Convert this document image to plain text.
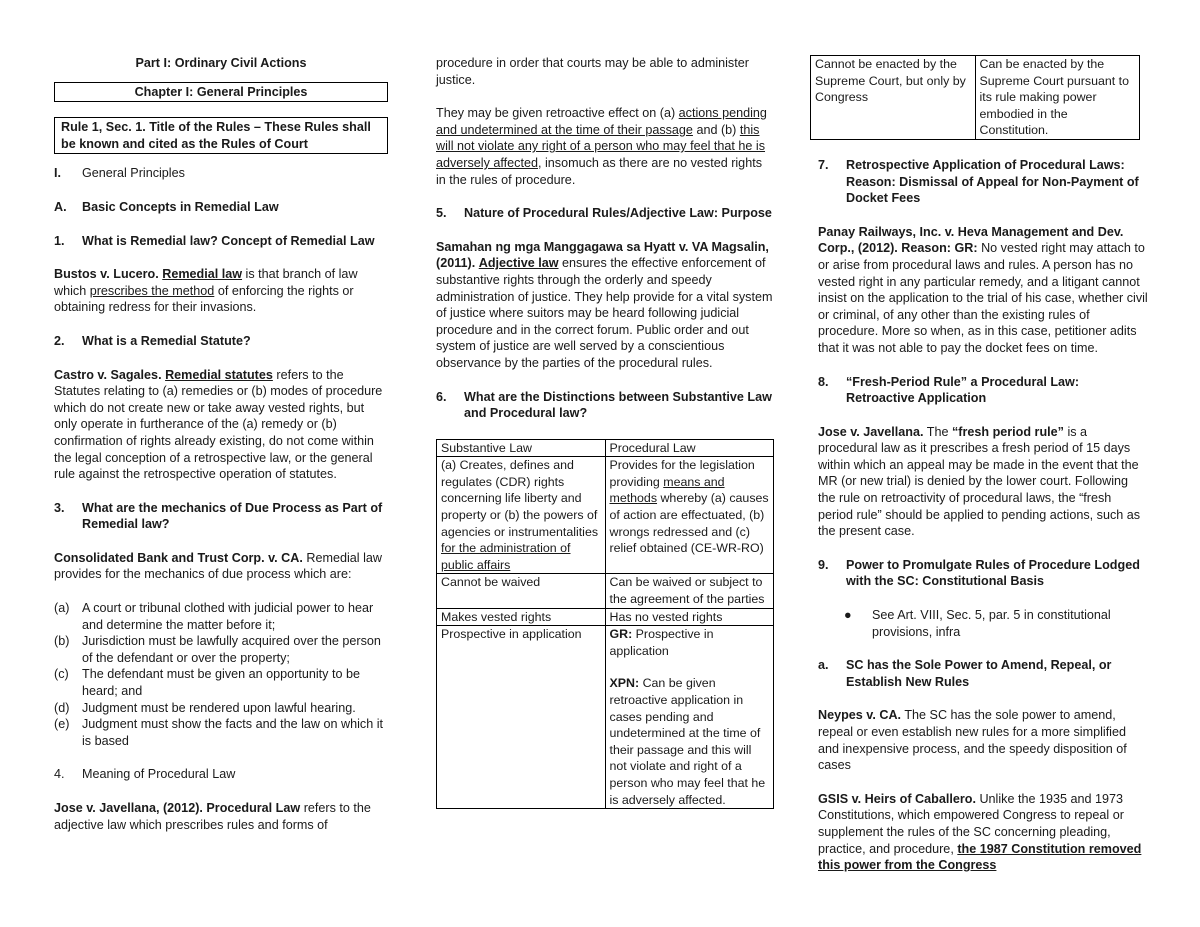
Part I: Ordinary Civil Actions

Chapter I: General Principles
Rule 1, Sec. 1. Title of the Rules – These Rules shall be known and cited as the Rules of Court
I.	General Principles
A.	Basic Concepts in Remedial Law
1.	What is Remedial law? Concept of Remedial Law

Bustos v. Lucero. Remedial law is that branch of law which prescribes the method of enforcing the rights or obtaining redress for their invasions.

2.	What is a Remedial Statute?

Castro v. Sagales. Remedial statutes refers to the Statutes relating to (a) remedies or (b) modes of procedure which do not create new or take away vested rights, but only operate in furtherance of the (a) remedy or (b) confirmation of rights already existing, do not come within the legal conception of a retrospective law, or the general rule against the retrospective operation of statutes.

3.	What are the mechanics of Due Process as Part of Remedial law?

Consolidated Bank and Trust Corp. v. CA. Remedial law provides for the mechanics of due process which are:

(a) A court or tribunal clothed with judicial power to hear and determine the matter before it;
(b) Jurisdiction must be lawfully acquired over the person of the defendant or over the property;
(c)	The defendant must be given an opportunity to be heard; and
(d) Judgment must be rendered upon lawful hearing.
(e) Judgment must show the facts and the law on which it is based
4.	Meaning of Procedural Law

Jose v. Javellana, (2012). Procedural Law refers to the adjective law which prescribes rules and forms of

procedure in order that courts may be able to administer justice.

They may be given retroactive effect on (a) actions pending and undetermined at the time of their passage and (b) this will not violate any right of a person who may feel that he is adversely affected, insomuch as there are no vested rights in the rules of procedure.

5.	Nature of Procedural Rules/Adjective Law: Purpose

Samahan ng mga Manggagawa sa Hyatt v. VA Magsalin, (2011). Adjective law ensures the effective enforcement of substantive rights through the orderly and speedy administration of justice. They help provide for a vital system of justice where suitors may be heard following judicial procedure and in the correct forum. Public order and out system of justice are well served by a conscientious observance by the parties of the procedural rules.

6.	What are the Distinctions between Substantive Law and Procedural law?
Substantive Law	Procedural Law
(a) Creates, defines and regulates (CDR) rights concerning life liberty and property or (b) the powers of agencies or instrumentalities for the administration of public affairs	Provides for the legislation providing means and methods whereby (a) causes of action are effectuated, (b) wrongs redressed and (c) relief obtained (CE-WR-RO)
Cannot be waived	Can be waived or subject to the agreement of the parties
Makes vested rights	Has no vested rights
Prospective in application	GR: Prospective in application
XPN: Can be given retroactive application in cases pending and undetermined at the time of their passage and this will not violate and right of a person who may feel that he is adversely affected.
Cannot be enacted by the Supreme Court, but only by Congress	Can be enacted by the Supreme Court pursuant to its rule making power embodied in the Constitution.
7.	Retrospective Application of Procedural Laws: Reason: Dismissal of Appeal for Non-Payment of Docket Fees

Panay Railways, Inc. v. Heva Management and Dev. Corp., (2012). Reason: GR: No vested right may attach to or arise from procedural laws and rules. A person has no vested right in any particular remedy, and a litigant cannot insist on the application to the trial of his case, whether civil or criminal, of any other than the existing rules of procedure. More so when, as in this case, petitioner adits that it was not able to pay the docket fees on time.

8.	“Fresh-Period Rule” a Procedural Law: Retroactive Application

Jose v. Javellana. The “fresh period rule” is a procedural law as it prescribes a fresh period of 15 days within which an appeal may be made in the event that the MR (or new trial) is denied by the lower court. Following the rule on retroactivity of procedural laws, the “fresh period rule” should be applied to pending actions, such as the present case.

9.	Power to Promulgate Rules of Procedure Lodged with the SC: Constitutional Basis
●	See Art. VIII, Sec. 5, par. 5 in constitutional provisions, infra
a.	SC has the Sole Power to Amend, Repeal, or Establish New Rules

Neypes v. CA. The SC has the sole power to amend, repeal or even establish new rules for a more simplified and inexpensive process, and the speedy disposition of cases

GSIS v. Heirs of Caballero. Unlike the 1935 and 1973 Constitutions, which empowered Congress to repeal or supplement the rules of the SC concerning pleading, practice, and procedure, the 1987 Constitution removed this power from the Congress
